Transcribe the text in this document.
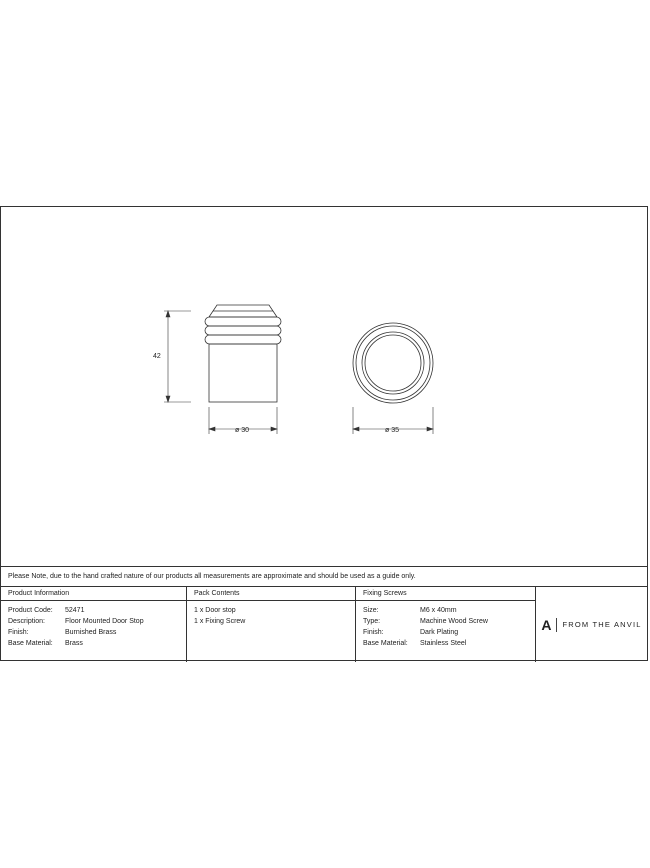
42
ø 30	ø 35
Please Note, due to the hand crafted nature of our products all measurements are approximate and should be used as a guide only.
Product Information
Product Code: 52471
Description:	Floor Mounted Door Stop
Finish:	Burnished Brass
Base Material: Brass
Pack Contents
1 x Door stop
1 x Fixing Screw
Fixing Screws
Size:	M6 x 40mm
Type:	Machine Wood Screw
Finish:	Dark Plating
Base Material: Stainless Steel
A FROM THE ANVIL
